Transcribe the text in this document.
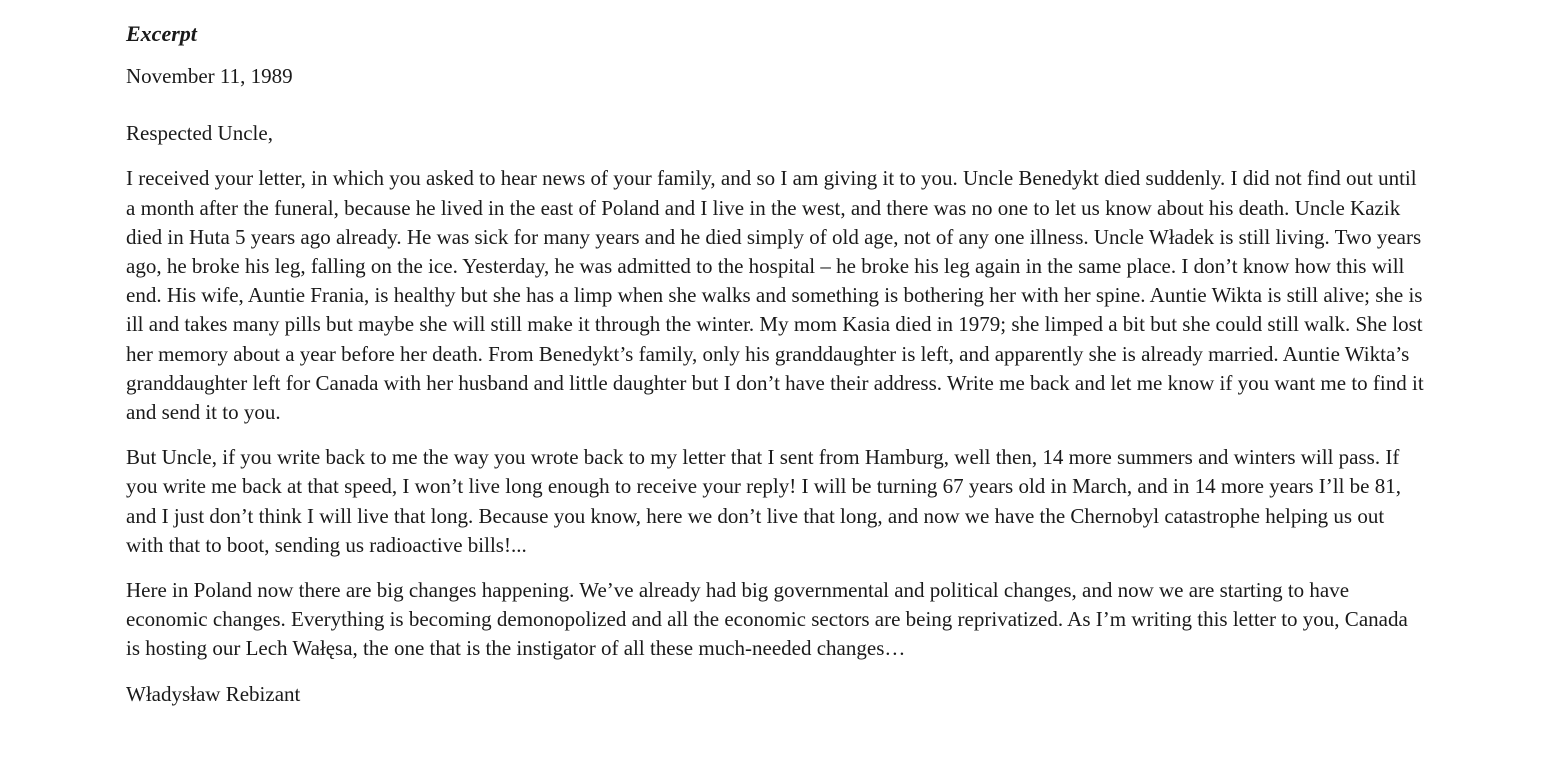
Excerpt
November 11, 1989
Respected Uncle,

I received your letter, in which you asked to hear news of your family, and so I am giving it to you. Uncle Benedykt died suddenly. I did not find out until a month after the funeral, because he lived in the east of Poland and I live in the west, and there was no one to let us know about his death. Uncle Kazik died in Huta 5 years ago already. He was sick for many years and he died simply of old age, not of any one illness. Uncle Władek is still living. Two years ago, he broke his leg, falling on the ice. Yesterday, he was admitted to the hospital – he broke his leg again in the same place. I don’t know how this will end. His wife, Auntie Frania, is healthy but she has a limp when she walks and something is bothering her with her spine. Auntie Wikta is still alive; she is ill and takes many pills but maybe she will still make it through the winter. My mom Kasia died in 1979; she limped a bit but she could still walk. She lost her memory about a year before her death. From Benedykt’s family, only his granddaughter is left, and apparently she is already married. Auntie Wikta’s granddaughter left for Canada with her husband and little daughter but I don’t have their address. Write me back and let me know if you want me to find it and send it to you.

But Uncle, if you write back to me the way you wrote back to my letter that I sent from Hamburg, well then, 14 more summers and winters will pass. If you write me back at that speed, I won’t live long enough to receive your reply! I will be turning 67 years old in March, and in 14 more years I’ll be 81, and I just don’t think I will live that long. Because you know, here we don’t live that long, and now we have the Chernobyl catastrophe helping us out with that to boot, sending us radioactive bills!...

Here in Poland now there are big changes happening. We’ve already had big governmental and political changes, and now we are starting to have economic changes. Everything is becoming demonopolized and all the economic sectors are being reprivatized. As I’m writing this letter to you, Canada is hosting our Lech Wałęsa, the one that is the instigator of all these much-needed changes…

Władysław Rebizant
